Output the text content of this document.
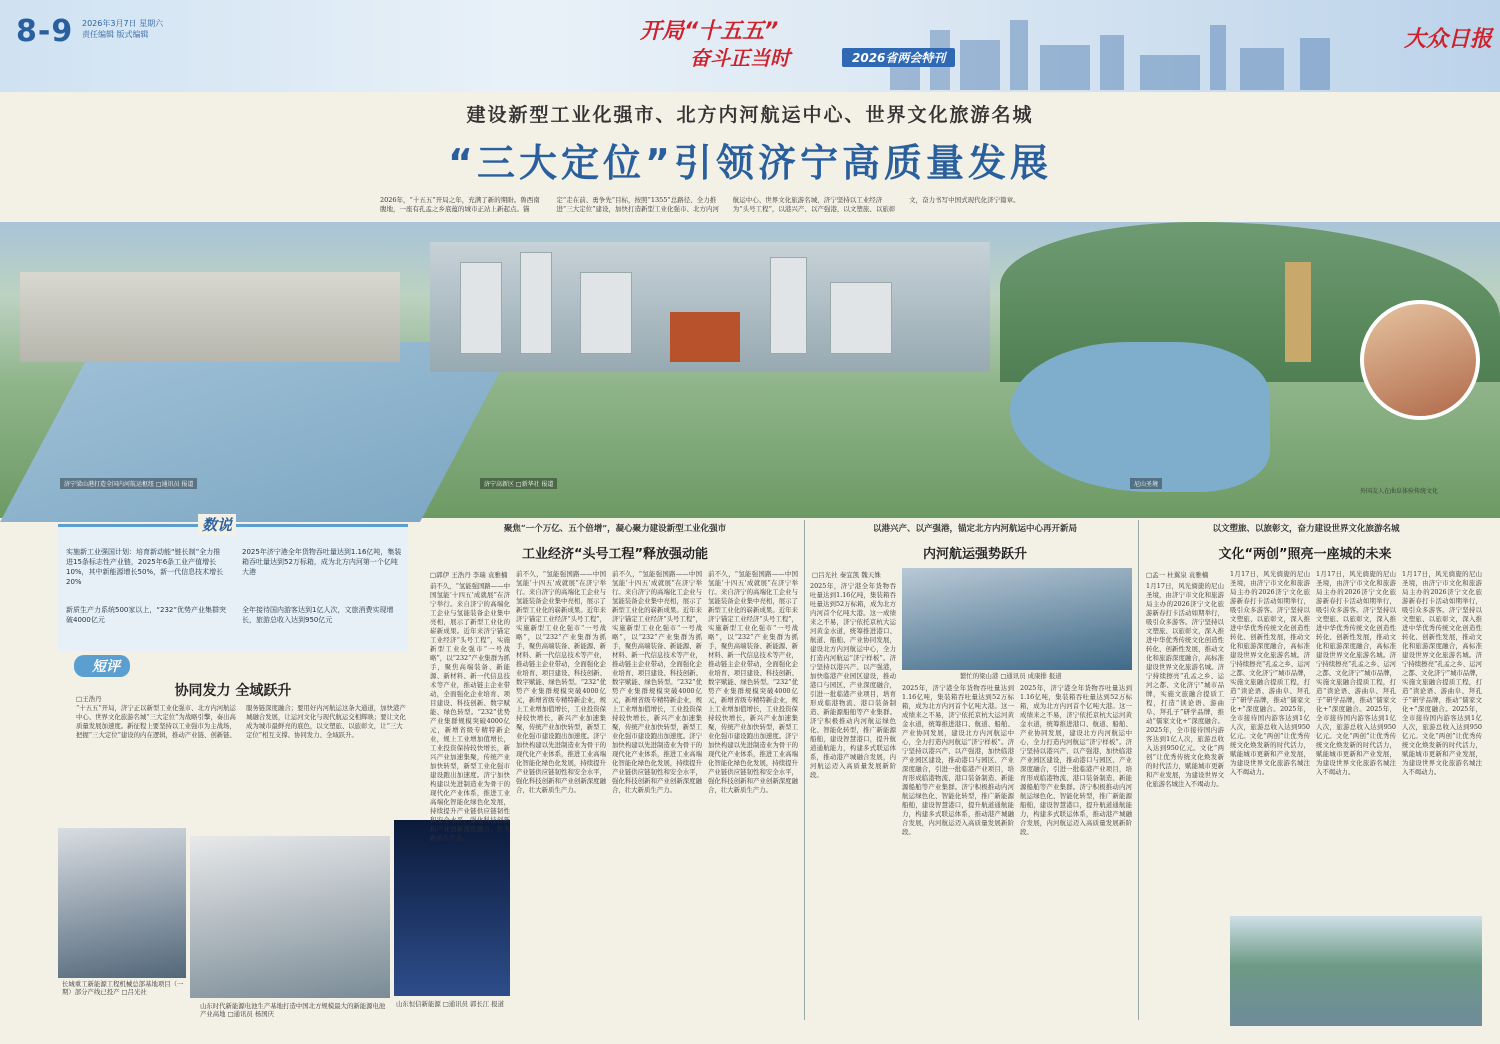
8-9 2026年3月7日 星期六
责任编辑 版式编辑	开局“十五五”
奋斗正当时	2026省两会特刊
大众日报
建设新型工业化强市、北方内河航运中心、世界文化旅游名城
“三大定位”引领济宁高质量发展
2026年，“十五五”开局之年，充满了新的期盼。鲁西南腹地，一座有孔孟之乡底蕴的城市正站上新起点。锚定“走在前、勇争先”目标，按照“1355”总路径、全力推进“三大定位”建设，加快打造新型工业化强市、北方内河航运中心、世界文化旅游名城，济宁坚持以工业经济为“头号工程”，以港兴产、以产强港，以文塑旅、以旅彰文，奋力书写中国式现代化济宁篇章。
济宁梁山港打造全国内河航运枢纽 □通讯员 报道	济宁高新区 □新华社 报道	尼山圣境
外国友人在曲阜体验传统文化
实施新工业强国计划：培育新动能“链长制”全力推进15条标志性产业链，2025年6条工业产值增长10%，其中新能源增长50%，新一代信息技术增长20%
新质生产力系统500家以上，“232”优势产业集群突破4000亿元
2025年济宁港全年货物吞吐量达到1.16亿吨，集装箱吞吐量达到52万标箱，成为北方内河第一个亿吨大港
全年接待国内游客达到1亿人次，文旅消费实现增长，旅游总收入达到950亿元
数说
短评
协同发力 全域跃升
□王浩丹
“十五五”开局，济宁正以新型工业化强市、北方内河航运中心、世界文化旅游名城“三大定位”为战略引擎，奏出高质量发展加速度。新征程上要坚持以工业强市为主战场，把握“三大定位”建设的内在逻辑，推动产业链、创新链、服务链深度融合；要用好内河航运这条大通道，加快港产城融合发展，让运河文化与现代航运交相辉映；要让文化成为城市最鲜亮的底色，以文塑旅、以旅彰文，让“三大定位”相互支撑、协同发力、全域跃升。
长城重工新能源工程机械总部基地项目（一期）部分产线已投产 □吕光社
山东时代新能源电池生产基地打造中国北方规模最大的新能源电池产业高地 □通讯员 杨国庆
山东恒信新能源 □通讯员 郭长江 报道
聚焦“一个万亿、五个倍增”，凝心聚力建设新型工业化强市
工业经济“头号工程”释放强动能
□郭伊 王浩丹 李瑞 袁雅楠
前不久，“氢能强国路——中国氢能‘十四五’成就展”在济宁举行。来自济宁的高端化工企业与氢能装备企业集中亮相，展示了新型工业化的崭新成果。近年来济宁锚定工业经济“头号工程”，实施新型工业化强市“一号战略”，以“232”产业集群为抓手，聚焦高端装备、新能源、新材料、新一代信息技术等产业，推动链主企业带动，全面强化企业培育、项目建设、科技创新、数字赋能、绿色转型。“232”优势产业集群规模突破4000亿元，新增省级专精特新企业，规上工业增加值增长，工业投资保持较快增长，新兴产业加速集聚，传统产业加快转型，新型工业化强市建设跑出加速度。济宁加快构建以先进制造业为骨干的现代化产业体系，推进工业高端化智能化绿色化发展，持续提升产业链供应链韧性和安全水平，强化科技创新和产业创新深度融合，壮大新质生产力。
前不久，“氢能强国路——中国氢能‘十四五’成就展”在济宁举行。来自济宁的高端化工企业与氢能装备企业集中亮相，展示了新型工业化的崭新成果。近年来济宁锚定工业经济“头号工程”，实施新型工业化强市“一号战略”，以“232”产业集群为抓手，聚焦高端装备、新能源、新材料、新一代信息技术等产业，推动链主企业带动，全面强化企业培育、项目建设、科技创新、数字赋能、绿色转型。“232”优势产业集群规模突破4000亿元，新增省级专精特新企业，规上工业增加值增长，工业投资保持较快增长，新兴产业加速集聚，传统产业加快转型，新型工业化强市建设跑出加速度。济宁加快构建以先进制造业为骨干的现代化产业体系，推进工业高端化智能化绿色化发展，持续提升产业链供应链韧性和安全水平，强化科技创新和产业创新深度融合，壮大新质生产力。
前不久，“氢能强国路——中国氢能‘十四五’成就展”在济宁举行。来自济宁的高端化工企业与氢能装备企业集中亮相，展示了新型工业化的崭新成果。近年来济宁锚定工业经济“头号工程”，实施新型工业化强市“一号战略”，以“232”产业集群为抓手，聚焦高端装备、新能源、新材料、新一代信息技术等产业，推动链主企业带动，全面强化企业培育、项目建设、科技创新、数字赋能、绿色转型。“232”优势产业集群规模突破4000亿元，新增省级专精特新企业，规上工业增加值增长，工业投资保持较快增长，新兴产业加速集聚，传统产业加快转型，新型工业化强市建设跑出加速度。济宁加快构建以先进制造业为骨干的现代化产业体系，推进工业高端化智能化绿色化发展，持续提升产业链供应链韧性和安全水平，强化科技创新和产业创新深度融合，壮大新质生产力。
前不久，“氢能强国路——中国氢能‘十四五’成就展”在济宁举行。来自济宁的高端化工企业与氢能装备企业集中亮相，展示了新型工业化的崭新成果。近年来济宁锚定工业经济“头号工程”，实施新型工业化强市“一号战略”，以“232”产业集群为抓手，聚焦高端装备、新能源、新材料、新一代信息技术等产业，推动链主企业带动，全面强化企业培育、项目建设、科技创新、数字赋能、绿色转型。“232”优势产业集群规模突破4000亿元，新增省级专精特新企业，规上工业增加值增长，工业投资保持较快增长，新兴产业加速集聚，传统产业加快转型，新型工业化强市建设跑出加速度。济宁加快构建以先进制造业为骨干的现代化产业体系，推进工业高端化智能化绿色化发展，持续提升产业链供应链韧性和安全水平，强化科技创新和产业创新深度融合，壮大新质生产力。
以港兴产、以产强港，锚定北方内河航运中心再开新局
内河航运强势跃升
□吕光社 秦宜凯 魏天姝
2025年，济宁港全年货物吞吐量达到1.16亿吨，集装箱吞吐量达到52万标箱，成为北方内河首个亿吨大港。这一成绩来之不易，济宁依托京杭大运河黄金水道，统筹推进港口、航道、船舶、产业协同发展，建设北方内河航运中心，全力打造内河航运“济宁样板”。济宁坚持以港兴产、以产强港，加快临港产业园区建设，推动港口与园区、产业深度融合，引进一批临港产业项目，培育形成临港物流、港口装备制造、新能源船舶等产业集群。济宁积极推动内河航运绿色化、智能化转型，推广新能源船舶，建设智慧港口，提升航道通航能力，构建多式联运体系，推动港产城融合发展，内河航运迈入高质量发展新阶段。
繁忙的梁山港 □通讯员 成康排 报道
2025年，济宁港全年货物吞吐量达到1.16亿吨，集装箱吞吐量达到52万标箱，成为北方内河首个亿吨大港。这一成绩来之不易，济宁依托京杭大运河黄金水道，统筹推进港口、航道、船舶、产业协同发展，建设北方内河航运中心，全力打造内河航运“济宁样板”。济宁坚持以港兴产、以产强港，加快临港产业园区建设，推动港口与园区、产业深度融合，引进一批临港产业项目，培育形成临港物流、港口装备制造、新能源船舶等产业集群。济宁积极推动内河航运绿色化、智能化转型，推广新能源船舶，建设智慧港口，提升航道通航能力，构建多式联运体系，推动港产城融合发展，内河航运迈入高质量发展新阶段。
2025年，济宁港全年货物吞吐量达到1.16亿吨，集装箱吞吐量达到52万标箱，成为北方内河首个亿吨大港。这一成绩来之不易，济宁依托京杭大运河黄金水道，统筹推进港口、航道、船舶、产业协同发展，建设北方内河航运中心，全力打造内河航运“济宁样板”。济宁坚持以港兴产、以产强港，加快临港产业园区建设，推动港口与园区、产业深度融合，引进一批临港产业项目，培育形成临港物流、港口装备制造、新能源船舶等产业集群。济宁积极推动内河航运绿色化、智能化转型，推广新能源船舶，建设智慧港口，提升航道通航能力，构建多式联运体系，推动港产城融合发展，内河航运迈入高质量发展新阶段。
以文塑旅、以旅彰文，奋力建设世界文化旅游名城
文化“两创”照亮一座城的未来
□孟一 杜翼泉 袁雅楠
1月17日，风光旖旎的尼山圣境，由济宁市文化和旅游局主办的2026济宁文化旅游新春打卡活动如期举行，吸引众多游客。济宁坚持以文塑旅、以旅彰文，深入推进中华优秀传统文化创造性转化、创新性发展，推动文化和旅游深度融合，高标准建设世界文化旅游名城。济宁持续擦亮“孔孟之乡、运河之都、文化济宁”城市品牌，实施文旅融合提质工程，打造“读论语、游曲阜、拜孔子”研学品牌，推动“儒家文化+”深度融合。2025年，全市接待国内游客达到1亿人次，旅游总收入达到950亿元。文化“两创”让优秀传统文化焕发新的时代活力，赋能城市更新和产业发展，为建设世界文化旅游名城注入不竭动力。
1月17日，风光旖旎的尼山圣境，由济宁市文化和旅游局主办的2026济宁文化旅游新春打卡活动如期举行，吸引众多游客。济宁坚持以文塑旅、以旅彰文，深入推进中华优秀传统文化创造性转化、创新性发展，推动文化和旅游深度融合，高标准建设世界文化旅游名城。济宁持续擦亮“孔孟之乡、运河之都、文化济宁”城市品牌，实施文旅融合提质工程，打造“读论语、游曲阜、拜孔子”研学品牌，推动“儒家文化+”深度融合。2025年，全市接待国内游客达到1亿人次，旅游总收入达到950亿元。文化“两创”让优秀传统文化焕发新的时代活力，赋能城市更新和产业发展，为建设世界文化旅游名城注入不竭动力。
1月17日，风光旖旎的尼山圣境，由济宁市文化和旅游局主办的2026济宁文化旅游新春打卡活动如期举行，吸引众多游客。济宁坚持以文塑旅、以旅彰文，深入推进中华优秀传统文化创造性转化、创新性发展，推动文化和旅游深度融合，高标准建设世界文化旅游名城。济宁持续擦亮“孔孟之乡、运河之都、文化济宁”城市品牌，实施文旅融合提质工程，打造“读论语、游曲阜、拜孔子”研学品牌，推动“儒家文化+”深度融合。2025年，全市接待国内游客达到1亿人次，旅游总收入达到950亿元。文化“两创”让优秀传统文化焕发新的时代活力，赋能城市更新和产业发展，为建设世界文化旅游名城注入不竭动力。
1月17日，风光旖旎的尼山圣境，由济宁市文化和旅游局主办的2026济宁文化旅游新春打卡活动如期举行，吸引众多游客。济宁坚持以文塑旅、以旅彰文，深入推进中华优秀传统文化创造性转化、创新性发展，推动文化和旅游深度融合，高标准建设世界文化旅游名城。济宁持续擦亮“孔孟之乡、运河之都、文化济宁”城市品牌，实施文旅融合提质工程，打造“读论语、游曲阜、拜孔子”研学品牌，推动“儒家文化+”深度融合。2025年，全市接待国内游客达到1亿人次，旅游总收入达到950亿元。文化“两创”让优秀传统文化焕发新的时代活力，赋能城市更新和产业发展，为建设世界文化旅游名城注入不竭动力。
